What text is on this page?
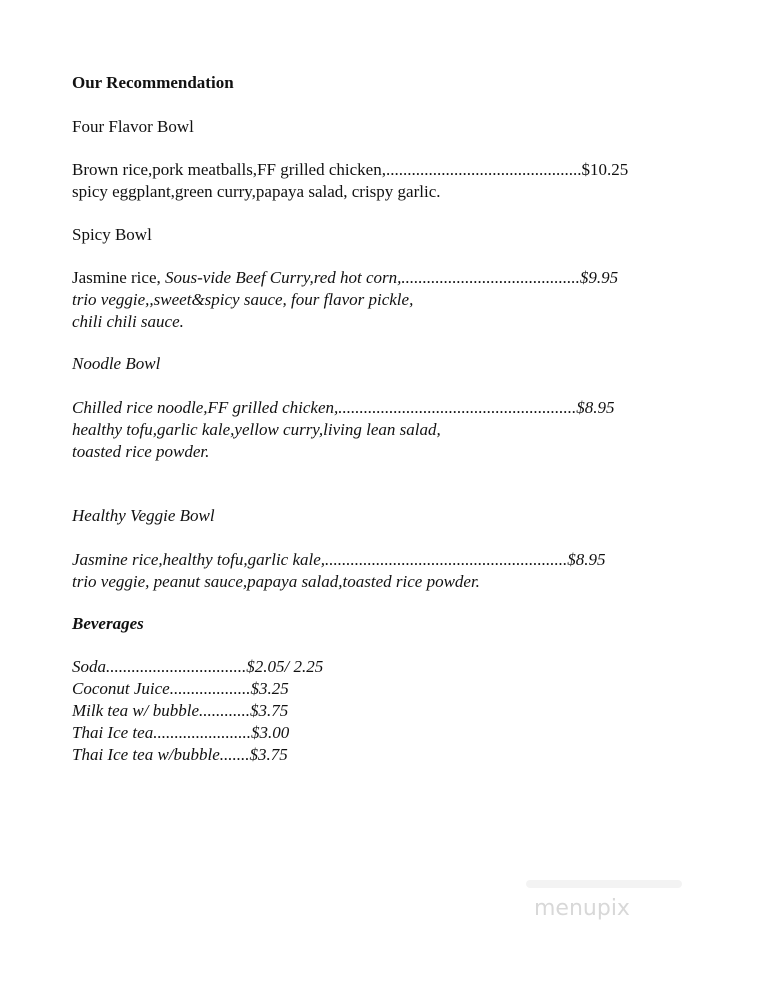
Our Recommendation
Four Flavor Bowl
Brown rice,pork meatballs,FF grilled chicken,..............................................$10.25
spicy eggplant,green curry,papaya salad, crispy garlic.
Spicy Bowl
Jasmine rice, Sous-vide Beef Curry,red hot corn,..........................................$9.95
trio veggie,,sweet&spicy sauce, four flavor pickle,
chili chili sauce.
Noodle Bowl
Chilled rice noodle,FF grilled chicken,........................................................$8.95
healthy tofu,garlic kale,yellow curry,living lean salad,
toasted rice powder.
Healthy Veggie Bowl
Jasmine rice,healthy tofu,garlic kale,.........................................................$8.95
trio veggie, peanut sauce,papaya salad,toasted rice powder.
Beverages
Soda.................................$2.05/ 2.25
Coconut Juice...................$3.25
Milk tea w/ bubble............$3.75
Thai Ice tea.......................$3.00
Thai Ice tea w/bubble.......$3.75
menupix
